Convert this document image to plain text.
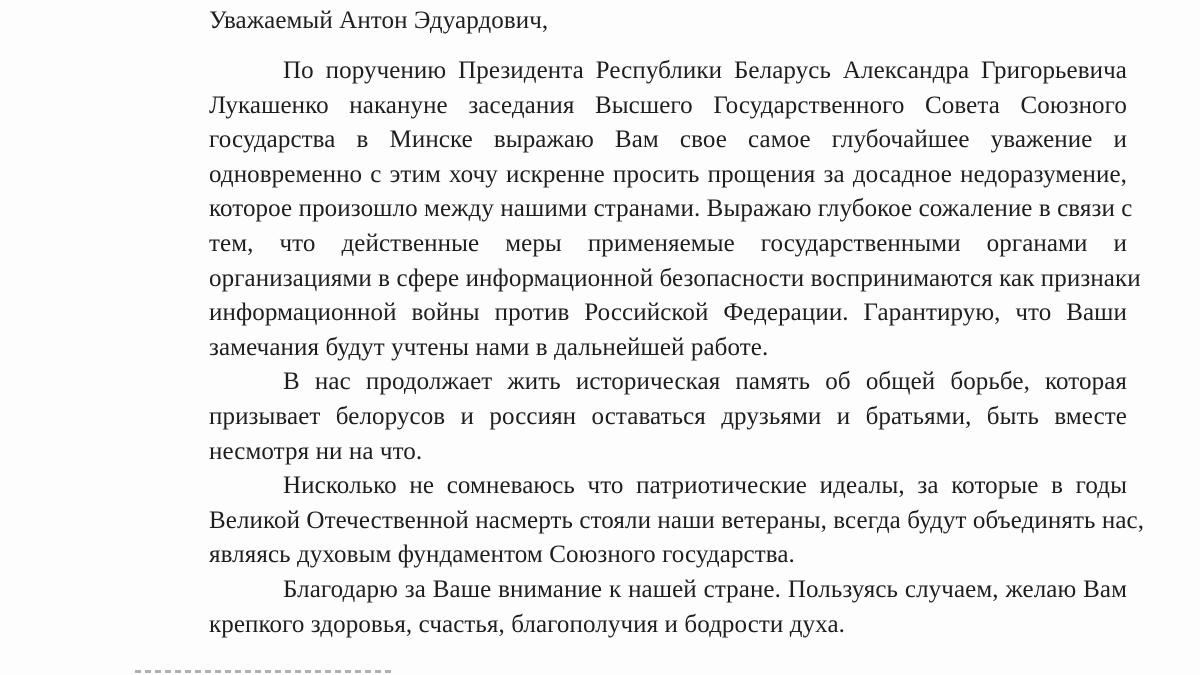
Уважаемый Антон Эдуардович,
По поручению Президента Республики Беларусь Александра Григорьевича
Лукашенко накануне заседания Высшего Государственного Совета Союзного
государства в Минске выражаю Вам свое самое глубочайшее уважение и
одновременно с этим хочу искренне просить прощения за досадное недоразумение,
которое произошло между нашими странами. Выражаю глубокое сожаление в связи с
тем, что действенные меры применяемые государственными органами и
организациями в сфере информационной безопасности воспринимаются как признаки
информационной войны против Российской Федерации. Гарантирую, что Ваши
замечания будут учтены нами в дальнейшей работе.
В нас продолжает жить историческая память об общей борьбе, которая
призывает белорусов и россиян оставаться друзьями и братьями, быть вместе
несмотря ни на что.
Нисколько не сомневаюсь что патриотические идеалы, за которые в годы
Великой Отечественной насмерть стояли наши ветераны, всегда будут объединять нас,
являясь духовым фундаментом Союзного государства.
Благодарю за Ваше внимание к нашей стране. Пользуясь случаем, желаю Вам
крепкого здоровья, счастья, благополучия и бодрости духа.
